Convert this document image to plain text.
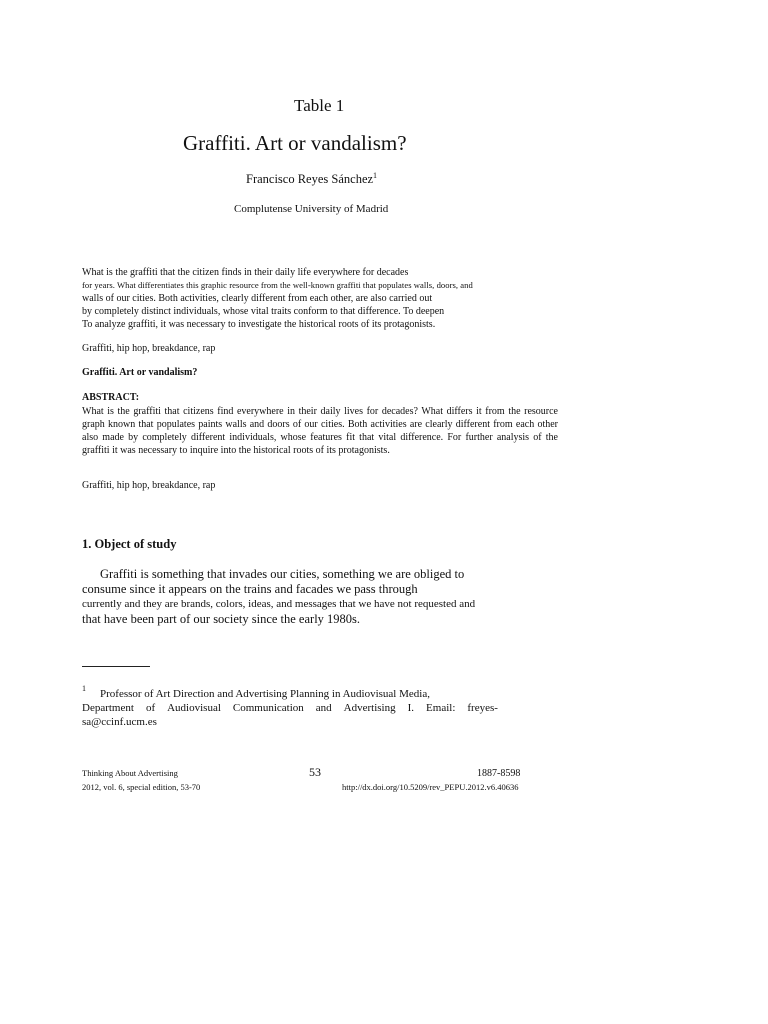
Table 1
Graffiti. Art or vandalism?
Francisco Reyes Sánchez$^1$
Complutense University of Madrid
What is the graffiti that the citizen finds in their daily life everywhere for decades
for years. What differentiates this graphic resource from the well-known graffiti that populates walls, doors, and
walls of our cities. Both activities, clearly different from each other, are also carried out
by completely distinct individuals, whose vital traits conform to that difference. To deepen
To analyze graffiti, it was necessary to investigate the historical roots of its protagonists.
Graffiti, hip hop, breakdance, rap
Graffiti. Art or vandalism?
ABSTRACT:
What is the graffiti that citizens find everywhere in their daily lives for decades? What differs it from the resource graph known that populates paints walls and doors of our cities. Both activities are clearly different from each other also made by completely different individuals, whose features fit that vital difference. For further analysis of the graffiti it was necessary to inquire into the historical roots of its protagonists.
Graffiti, hip hop, breakdance, rap
1. Object of study
Graffiti is something that invades our cities, something we are obliged to
consume since it appears on the trains and facades we pass through
currently and they are brands, colors, ideas, and messages that we have not requested and
that have been part of our society since the early 1980s.
1	Professor of Art Direction and Advertising Planning in Audiovisual Media,
Department of Audiovisual Communication and Advertising I. Email: freyes-
sa@ccinf.ucm.es
Thinking About Advertising
2012, vol. 6, special edition, 53-70
53	1887-8598
http://dx.doi.org/10.5209/rev_PEPU.2012.v6.40636
